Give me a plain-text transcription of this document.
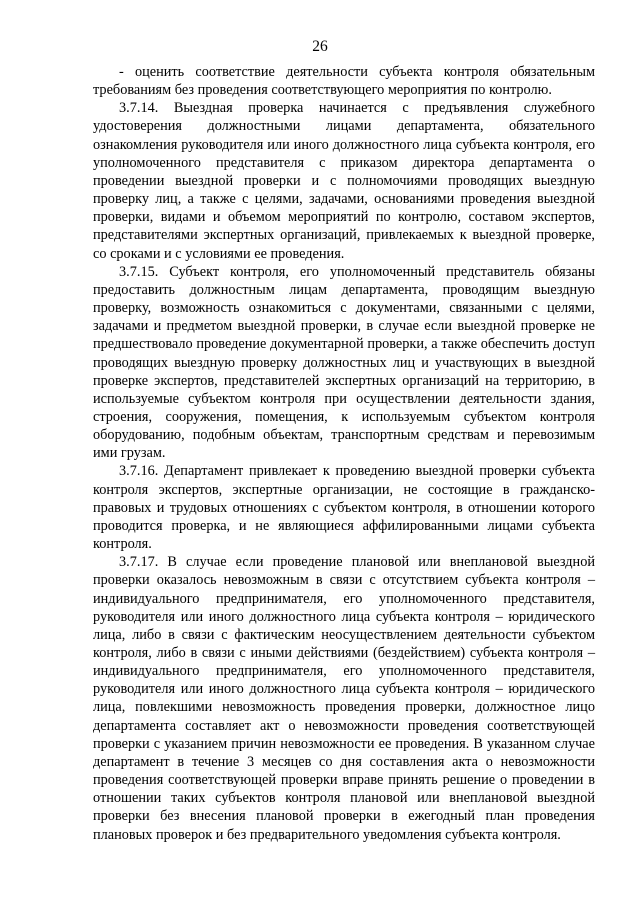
26

- оценить соответствие деятельности субъекта контроля обязательным требованиям без проведения соответствующего мероприятия по контролю.

3.7.14. Выездная проверка начинается с предъявления служебного удостоверения должностными лицами департамента, обязательного ознакомления руководителя или иного должностного лица субъекта контроля, его уполномоченного представителя с приказом директора департамента о проведении выездной проверки и с полномочиями проводящих выездную проверку лиц, а также с целями, задачами, основаниями проведения выездной проверки, видами и объемом мероприятий по контролю, составом экспертов, представителями экспертных организаций, привлекаемых к выездной проверке, со сроками и с условиями ее проведения.

3.7.15. Субъект контроля, его уполномоченный представитель обязаны предоставить должностным лицам департамента, проводящим выездную проверку, возможность ознакомиться с документами, связанными с целями, задачами и предметом выездной проверки, в случае если выездной проверке не предшествовало проведение документарной проверки, а также обеспечить доступ проводящих выездную проверку должностных лиц и участвующих в выездной проверке экспертов, представителей экспертных организаций на территорию, в используемые субъектом контроля при осуществлении деятельности здания, строения, сооружения, помещения, к используемым субъектом контроля оборудованию, подобным объектам, транспортным средствам и перевозимым ими грузам.

3.7.16. Департамент привлекает к проведению выездной проверки субъекта контроля экспертов, экспертные организации, не состоящие в гражданско-правовых и трудовых отношениях с субъектом контроля, в отношении которого проводится проверка, и не являющиеся аффилированными лицами субъекта контроля.

3.7.17. В случае если проведение плановой или внеплановой выездной проверки оказалось невозможным в связи с отсутствием субъекта контроля – индивидуального предпринимателя, его уполномоченного представителя, руководителя или иного должностного лица субъекта контроля – юридического лица, либо в связи с фактическим неосуществлением деятельности субъектом контроля, либо в связи с иными действиями (бездействием) субъекта контроля – индивидуального предпринимателя, его уполномоченного представителя, руководителя или иного должностного лица субъекта контроля – юридического лица, повлекшими невозможность проведения проверки, должностное лицо департамента составляет акт о невозможности проведения соответствующей проверки с указанием причин невозможности ее проведения. В указанном случае департамент в течение 3 месяцев со дня составления акта о невозможности проведения соответствующей проверки вправе принять решение о проведении в отношении таких субъектов контроля плановой или внеплановой выездной проверки без внесения плановой проверки в ежегодный план проведения плановых проверок и без предварительного уведомления субъекта контроля.
